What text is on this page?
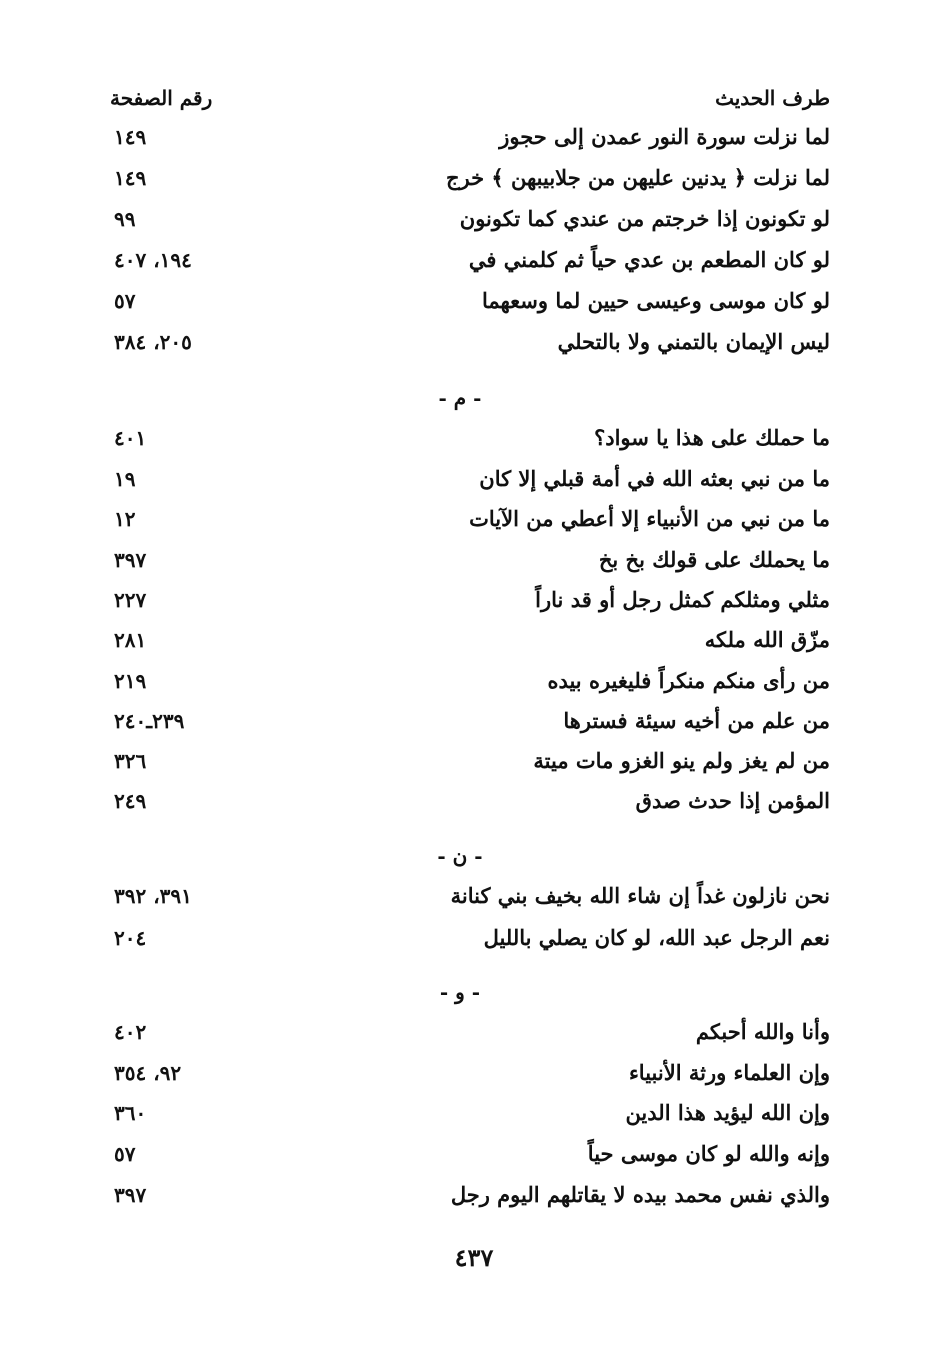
طرف الحديث
رقم الصفحة
لما نزلت سورة النور عمدن إلى حجوز
١٤٩
لما نزلت ﴿ يدنين عليهن من جلابيبهن ﴾ خرج
١٤٩
لو تكونون إذا خرجتم من عندي كما تكونون
٩٩
لو كان المطعم بن عدي حياً ثم كلمني في
١٩٤، ٤٠٧
لو كان موسى وعيسى حيين لما وسعهما
٥٧
ليس الإيمان بالتمني ولا بالتحلي
٢٠٥، ٣٨٤
- م -
ما حملك على هذا يا سواد؟
٤٠١
ما من نبي بعثه الله في أمة قبلي إلا كان
١٩
ما من نبي من الأنبياء إلا أعطي من الآيات
١٢
ما يحملك على قولك بخ بخ
٣٩٧
مثلي ومثلكم كمثل رجل أو قد ناراً
٢٢٧
مزّق الله ملكه
٢٨١
من رأى منكم منكراً فليغيره بيده
٢١٩
من علم من أخيه سيئة فسترها
٢٣٩ـ٢٤٠
من لم يغز ولم ينو الغزو مات ميتة
٣٢٦
المؤمن إذا حدث صدق
٢٤٩
- ن -
نحن نازلون غداً إن شاء الله بخيف بني كنانة
٣٩١، ٣٩٢
نعم الرجل عبد الله، لو كان يصلي بالليل
٢٠٤
- و -
وأنا والله أحبكم
٤٠٢
وإن العلماء ورثة الأنبياء
٩٢، ٣٥٤
وإن الله ليؤيد هذا الدين
٣٦٠
وإنه والله لو كان موسى حياً
٥٧
والذي نفس محمد بيده لا يقاتلهم اليوم رجل
٣٩٧
٤٣٧
